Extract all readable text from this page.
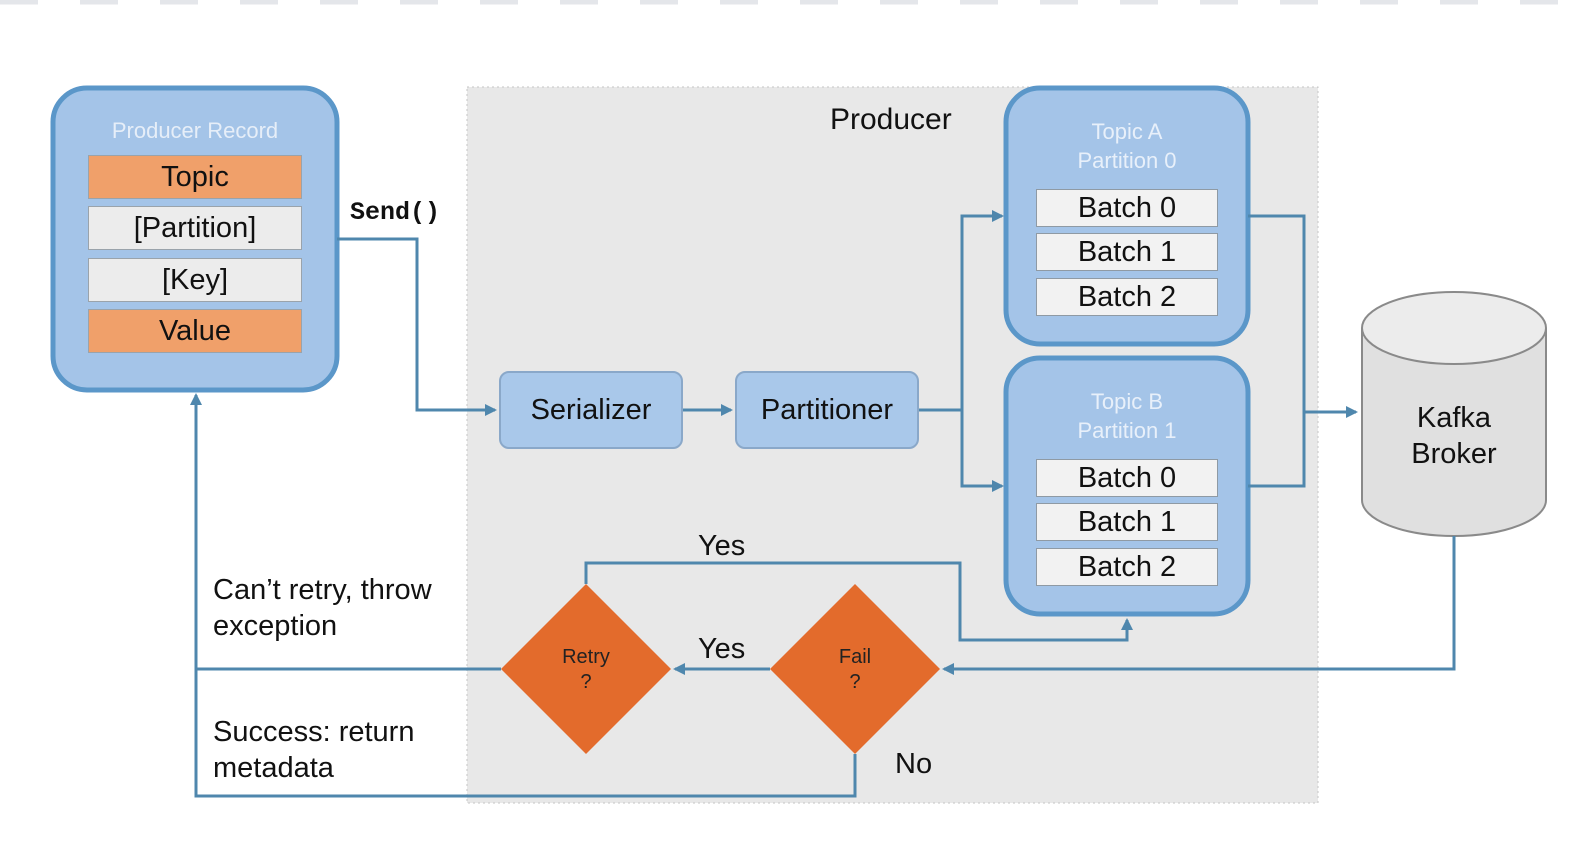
Producer Record
Topic
[Partition]
[Key]
Value
Send()
Producer
Serializer	Partitioner
Topic A
Partition 0
Batch 0
Batch 1
Batch 2
Topic B
Partition 1
Batch 0
Batch 1
Batch 2
Kafka
Broker
Retry
?
Fail
?
Yes
Yes
No
Can’t retry, throw
exception
Success: return
metadata
